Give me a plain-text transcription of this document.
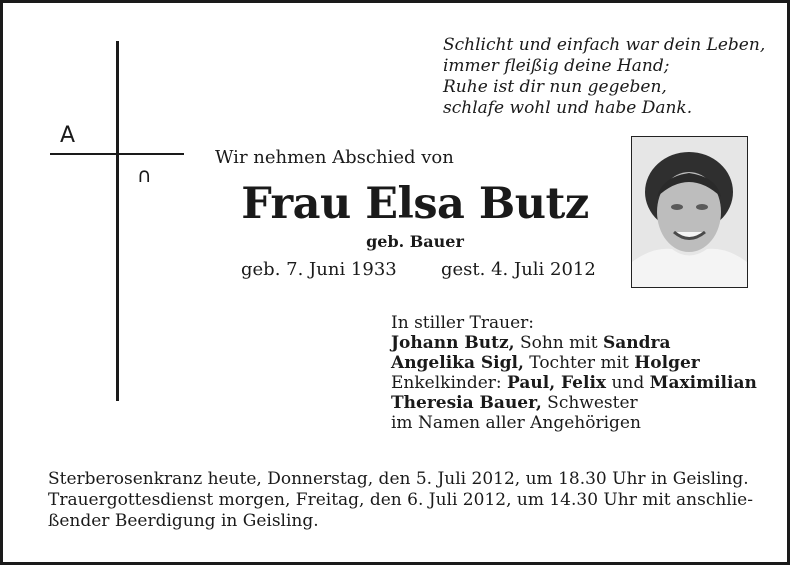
Schlicht und einfach war dein Leben,
immer fleißig deine Hand;
Ruhe ist dir nun gegeben,
schlafe wohl und habe Dank.
A
∩
Wir nehmen Abschied von
Frau Elsa Butz
geb. Bauer
geb. 7. Juni 1933 gest. 4. Juli 2012
In stiller Trauer:
Johann Butz, Sohn mit Sandra
Angelika Sigl, Tochter mit Holger
Enkelkinder: Paul, Felix und Maximilian
Theresia Bauer, Schwester
im Namen aller Angehörigen
Sterberosenkranz heute, Donnerstag, den 5. Juli 2012, um 18.30 Uhr in Geisling.
Trauergottesdienst morgen, Freitag, den 6. Juli 2012, um 14.30 Uhr mit anschlie-
ßender Beerdigung in Geisling.
